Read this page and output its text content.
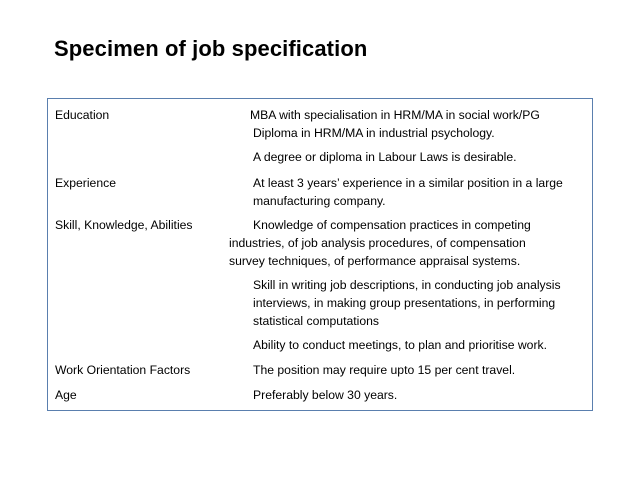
Specimen of job specification
Education	MBA with specialisation in HRM/MA in social work/PG
Diploma in HRM/MA in industrial psychology.
A degree or diploma in Labour Laws is desirable.
Experience	At least 3 years’ experience in a similar position in a large
manufacturing company.
Skill, Knowledge, Abilities	Knowledge of compensation practices in competing
industries, of job analysis procedures, of compensation
survey techniques, of performance appraisal systems.
Skill in writing job descriptions, in conducting job analysis
interviews, in making group presentations, in performing
statistical computations
Ability to conduct meetings, to plan and prioritise work.
Work Orientation Factors	The position may require upto 15 per cent travel.
Age	Preferably below 30 years.
